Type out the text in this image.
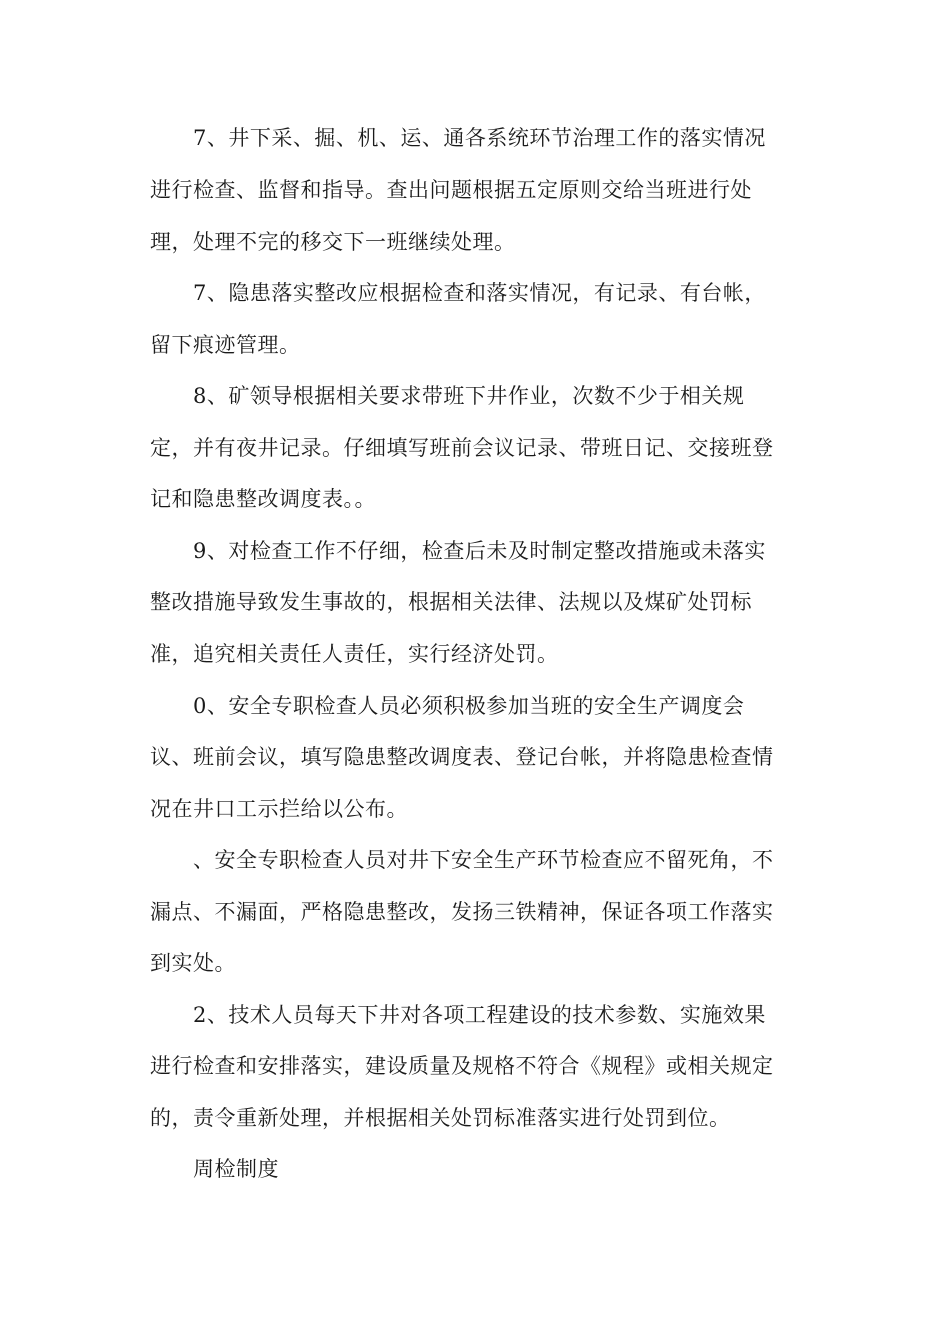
7、井下采、掘、机、运、通各系统环节治理工作的落实情况
进行检查、监督和指导。查出问题根据五定原则交给当班进行处
理，处理不完的移交下一班继续处理。
7、隐患落实整改应根据检查和落实情况，有记录、有台帐，
留下痕迹管理。
8、矿领导根据相关要求带班下井作业，次数不少于相关规
定，并有夜井记录。仔细填写班前会议记录、带班日记、交接班登
记和隐患整改调度表。。
9、对检查工作不仔细，检查后未及时制定整改措施或未落实
整改措施导致发生事故的，根据相关法律、法规以及煤矿处罚标
准，追究相关责任人责任，实行经济处罚。
0、安全专职检查人员必须积极参加当班的安全生产调度会
议、班前会议，填写隐患整改调度表、登记台帐，并将隐患检查情
况在井口工示拦给以公布。
、安全专职检查人员对井下安全生产环节检查应不留死角，不
漏点、不漏面，严格隐患整改，发扬三铁精神，保证各项工作落实
到实处。
2、技术人员每天下井对各项工程建设的技术参数、实施效果
进行检查和安排落实，建设质量及规格不符合《规程》或相关规定
的，责令重新处理，并根据相关处罚标准落实进行处罚到位。
周检制度
